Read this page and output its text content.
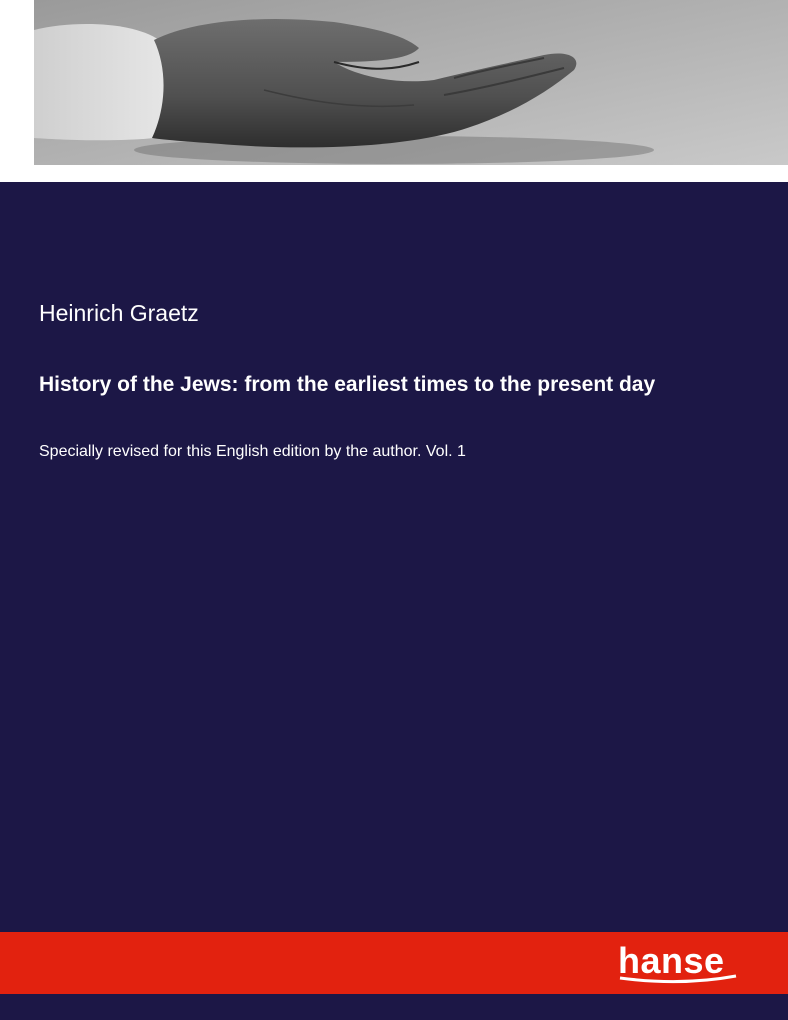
Heinrich Graetz
History of the Jews: from the earliest times to the present day
Specially revised for this English edition by the author. Vol. 1
hanse
